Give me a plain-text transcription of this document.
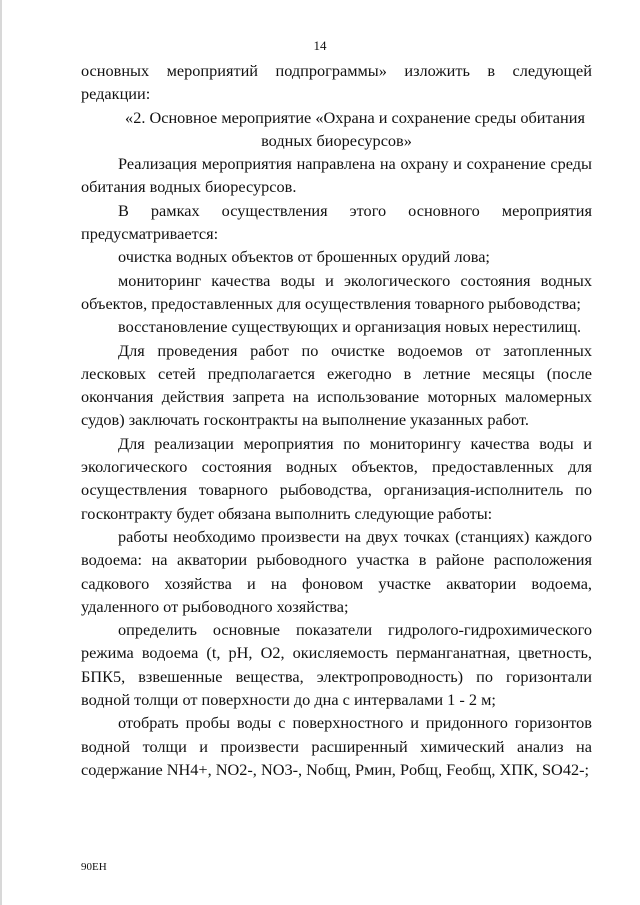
14

основных мероприятий подпрограммы» изложить в следующей редакции:

«2. Основное мероприятие «Охрана и сохранение среды обитания водных биоресурсов»

Реализация мероприятия направлена на охрану и сохранение среды обитания водных биоресурсов.

В рамках осуществления этого основного мероприятия предусматривается:

очистка водных объектов от брошенных орудий лова;

мониторинг качества воды и экологического состояния водных объектов, предоставленных для осуществления товарного рыбоводства;

восстановление существующих и организация новых нерестилищ.

Для проведения работ по очистке водоемов от затопленных лесковых сетей предполагается ежегодно в летние месяцы (после окончания действия запрета на использование моторных маломерных судов) заключать госконтракты на выполнение указанных работ.

Для реализации мероприятия по мониторингу качества воды и экологического состояния водных объектов, предоставленных для осуществления товарного рыбоводства, организация-исполнитель по госконтракту будет обязана выполнить следующие работы:

работы необходимо произвести на двух точках (станциях) каждого водоема: на акватории рыбоводного участка в районе расположения садкового хозяйства и на фоновом участке акватории водоема, удаленного от рыбоводного хозяйства;

определить основные показатели гидролого-гидрохимического режима водоема (t, pH, O2, окисляемость перманганатная, цветность, БПК5, взвешенные вещества, электропроводность) по горизонтали водной толщи от поверхности до дна с интервалами 1 - 2 м;

отобрать пробы воды с поверхностного и придонного горизонтов водной толщи и произвести расширенный химический анализ на содержание NH4+, NO2-, NO3-, Nобщ, Pмин, Pобщ, Fеобщ, ХПК, SO42-;

90EH
